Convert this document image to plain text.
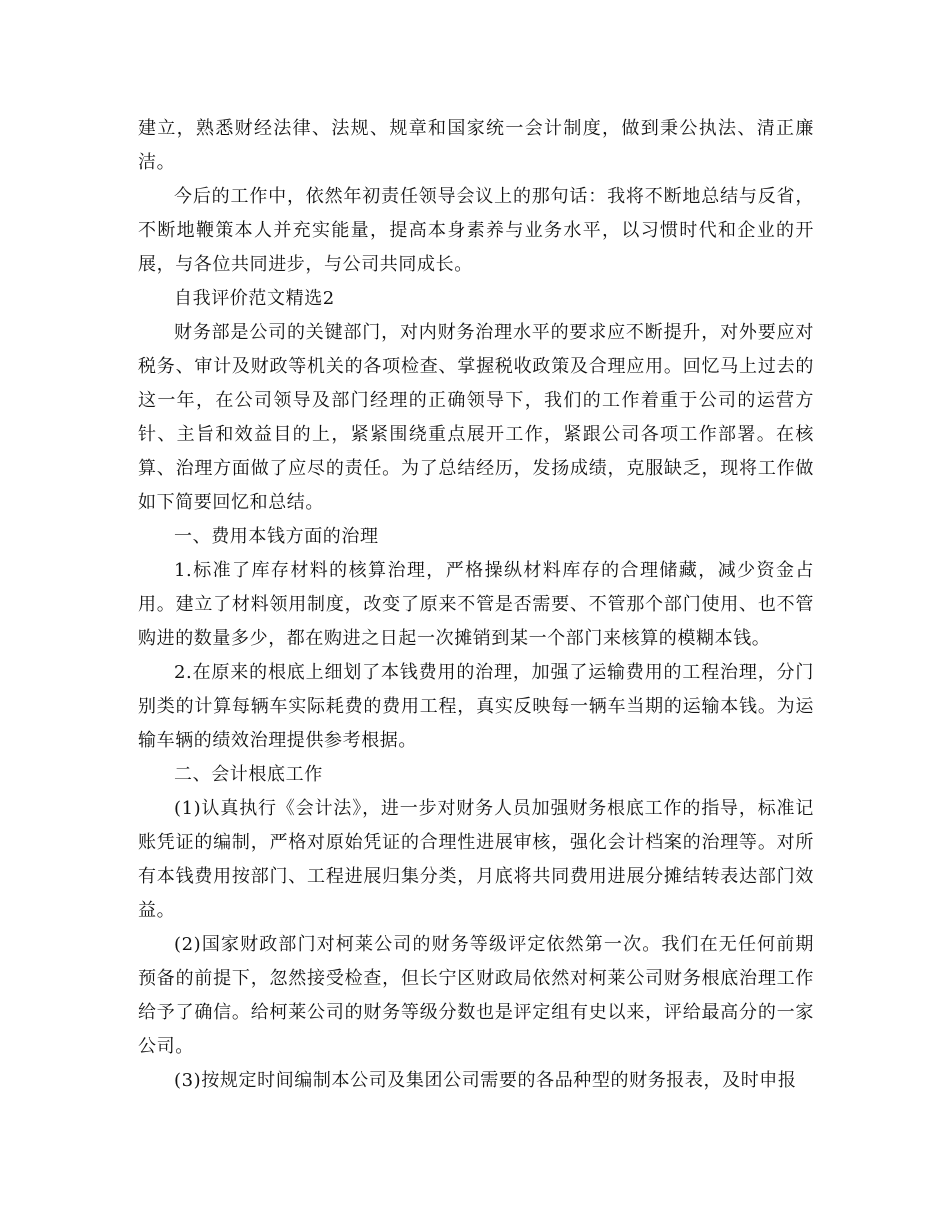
建立，熟悉财经法律、法规、规章和国家统一会计制度，做到秉公执法、清正廉洁。

今后的工作中，依然年初责任领导会议上的那句话：我将不断地总结与反省，不断地鞭策本人并充实能量，提高本身素养与业务水平，以习惯时代和企业的开展，与各位共同进步，与公司共同成长。

自我评价范文精选2

财务部是公司的关键部门，对内财务治理水平的要求应不断提升，对外要应对税务、审计及财政等机关的各项检查、掌握税收政策及合理应用。回忆马上过去的这一年，在公司领导及部门经理的正确领导下，我们的工作着重于公司的运营方针、主旨和效益目的上，紧紧围绕重点展开工作，紧跟公司各项工作部署。在核算、治理方面做了应尽的责任。为了总结经历，发扬成绩，克服缺乏，现将工作做如下简要回忆和总结。

一、费用本钱方面的治理

1.标准了库存材料的核算治理，严格操纵材料库存的合理储藏，减少资金占用。建立了材料领用制度，改变了原来不管是否需要、不管那个部门使用、也不管购进的数量多少，都在购进之日起一次摊销到某一个部门来核算的模糊本钱。

2.在原来的根底上细划了本钱费用的治理，加强了运输费用的工程治理，分门别类的计算每辆车实际耗费的费用工程，真实反映每一辆车当期的运输本钱。为运输车辆的绩效治理提供参考根据。

二、会计根底工作

(1)认真执行《会计法》，进一步对财务人员加强财务根底工作的指导，标准记账凭证的编制，严格对原始凭证的合理性进展审核，强化会计档案的治理等。对所有本钱费用按部门、工程进展归集分类，月底将共同费用进展分摊结转表达部门效益。

(2)国家财政部门对柯莱公司的财务等级评定依然第一次。我们在无任何前期预备的前提下，忽然接受检查，但长宁区财政局依然对柯莱公司财务根底治理工作给予了确信。给柯莱公司的财务等级分数也是评定组有史以来，评给最高分的一家公司。

(3)按规定时间编制本公司及集团公司需要的各品种型的财务报表，及时申报
